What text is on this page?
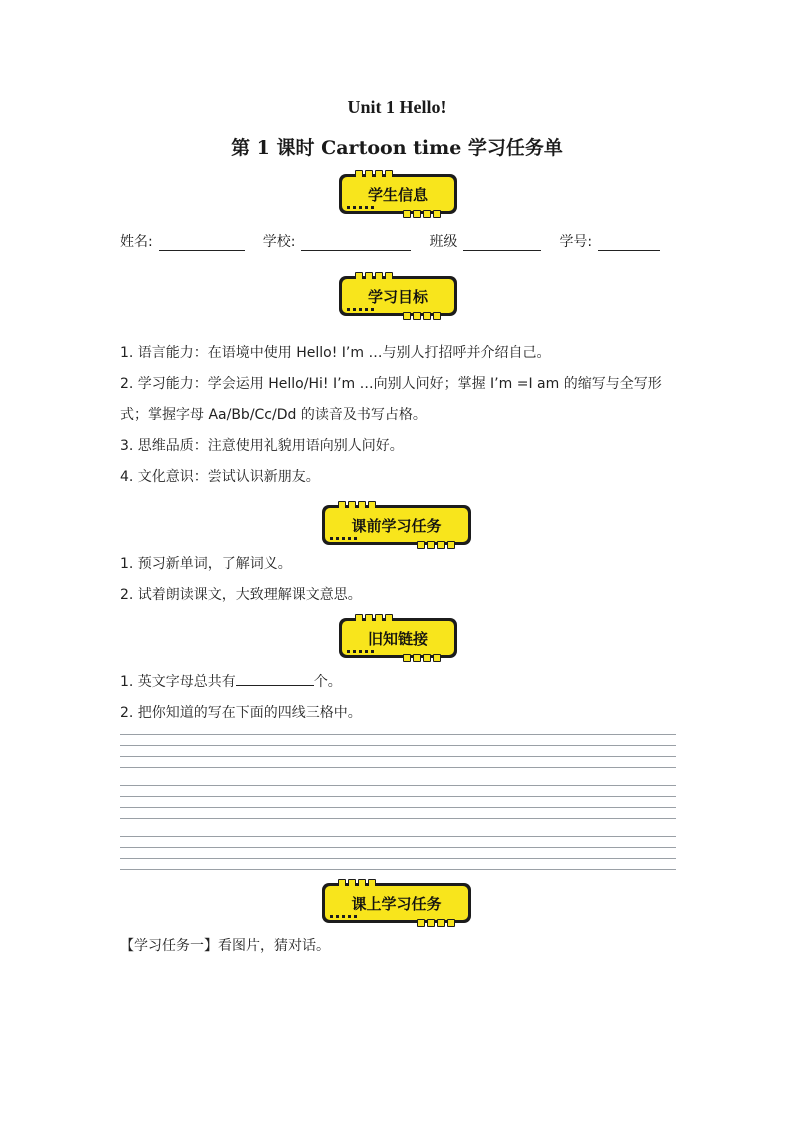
Unit 1 Hello!
第 1 课时 Cartoon time 学习任务单
学生信息
姓名:	学校:	班级	学号:
学习目标
1. 语言能力：在语境中使用 Hello! I’m …与别人打招呼并介绍自己。
2. 学习能力：学会运用 Hello/Hi! I’m …向别人问好；掌握 I’m =I am 的缩写与全写形式；掌握字母 Aa/Bb/Cc/Dd 的读音及书写占格。
3. 思维品质：注意使用礼貌用语向别人问好。
4. 文化意识：尝试认识新朋友。
课前学习任务
1. 预习新单词，了解词义。
2. 试着朗读课文，大致理解课文意思。
旧知链接
1. 英文字母总共有	个。
2. 把你知道的写在下面的四线三格中。
课上学习任务
【学习任务一】看图片，猜对话。
